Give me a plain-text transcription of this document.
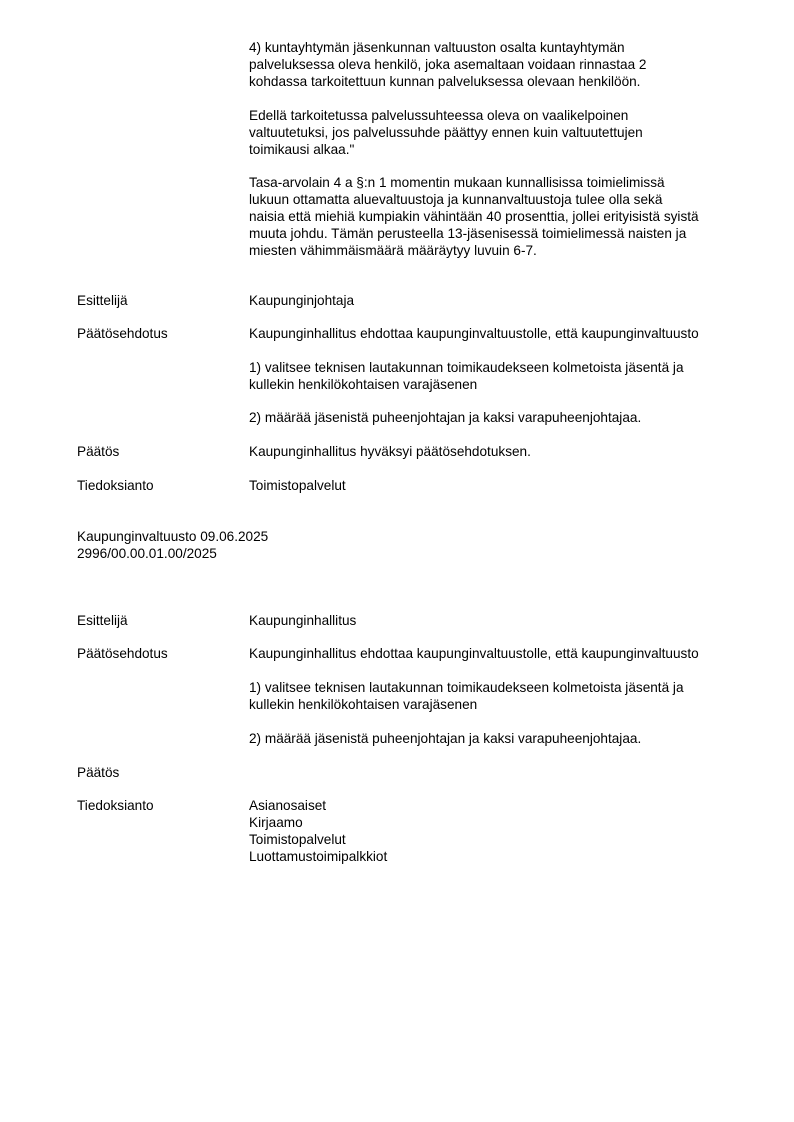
4) kuntayhtymän jäsenkunnan valtuuston osalta kuntayhtymän
palveluksessa oleva henkilö, joka asemaltaan voidaan rinnastaa 2
kohdassa tarkoitettuun kunnan palveluksessa olevaan henkilöön.
Edellä tarkoitetussa palvelussuhteessa oleva on vaalikelpoinen
valtuutetuksi, jos palvelussuhde päättyy ennen kuin valtuutettujen
toimikausi alkaa."
Tasa-arvolain 4 a §:n 1 momentin mukaan kunnallisissa toimielimissä
lukuun ottamatta aluevaltuustoja ja kunnanvaltuustoja tulee olla sekä
naisia että miehiä kumpiakin vähintään 40 prosenttia, jollei erityisistä syistä
muuta johdu. Tämän perusteella 13-jäsenisessä toimielimessä naisten ja
miesten vähimmäismäärä määräytyy luvuin 6-7.
Esittelijä	Kaupunginjohtaja
Päätösehdotus	Kaupunginhallitus ehdottaa kaupunginvaltuustolle, että kaupunginvaltuusto
1) valitsee teknisen lautakunnan toimikaudekseen kolmetoista jäsentä ja
kullekin henkilökohtaisen varajäsenen
2) määrää jäsenistä puheenjohtajan ja kaksi varapuheenjohtajaa.
Päätös	Kaupunginhallitus hyväksyi päätösehdotuksen.
Tiedoksianto	Toimistopalvelut
Kaupunginvaltuusto 09.06.2025
2996/00.00.01.00/2025
Esittelijä	Kaupunginhallitus
Päätösehdotus	Kaupunginhallitus ehdottaa kaupunginvaltuustolle, että kaupunginvaltuusto
1) valitsee teknisen lautakunnan toimikaudekseen kolmetoista jäsentä ja
kullekin henkilökohtaisen varajäsenen
2) määrää jäsenistä puheenjohtajan ja kaksi varapuheenjohtajaa.
Päätös
Tiedoksianto	Asianosaiset
Kirjaamo
Toimistopalvelut
Luottamustoimipalkkiot
